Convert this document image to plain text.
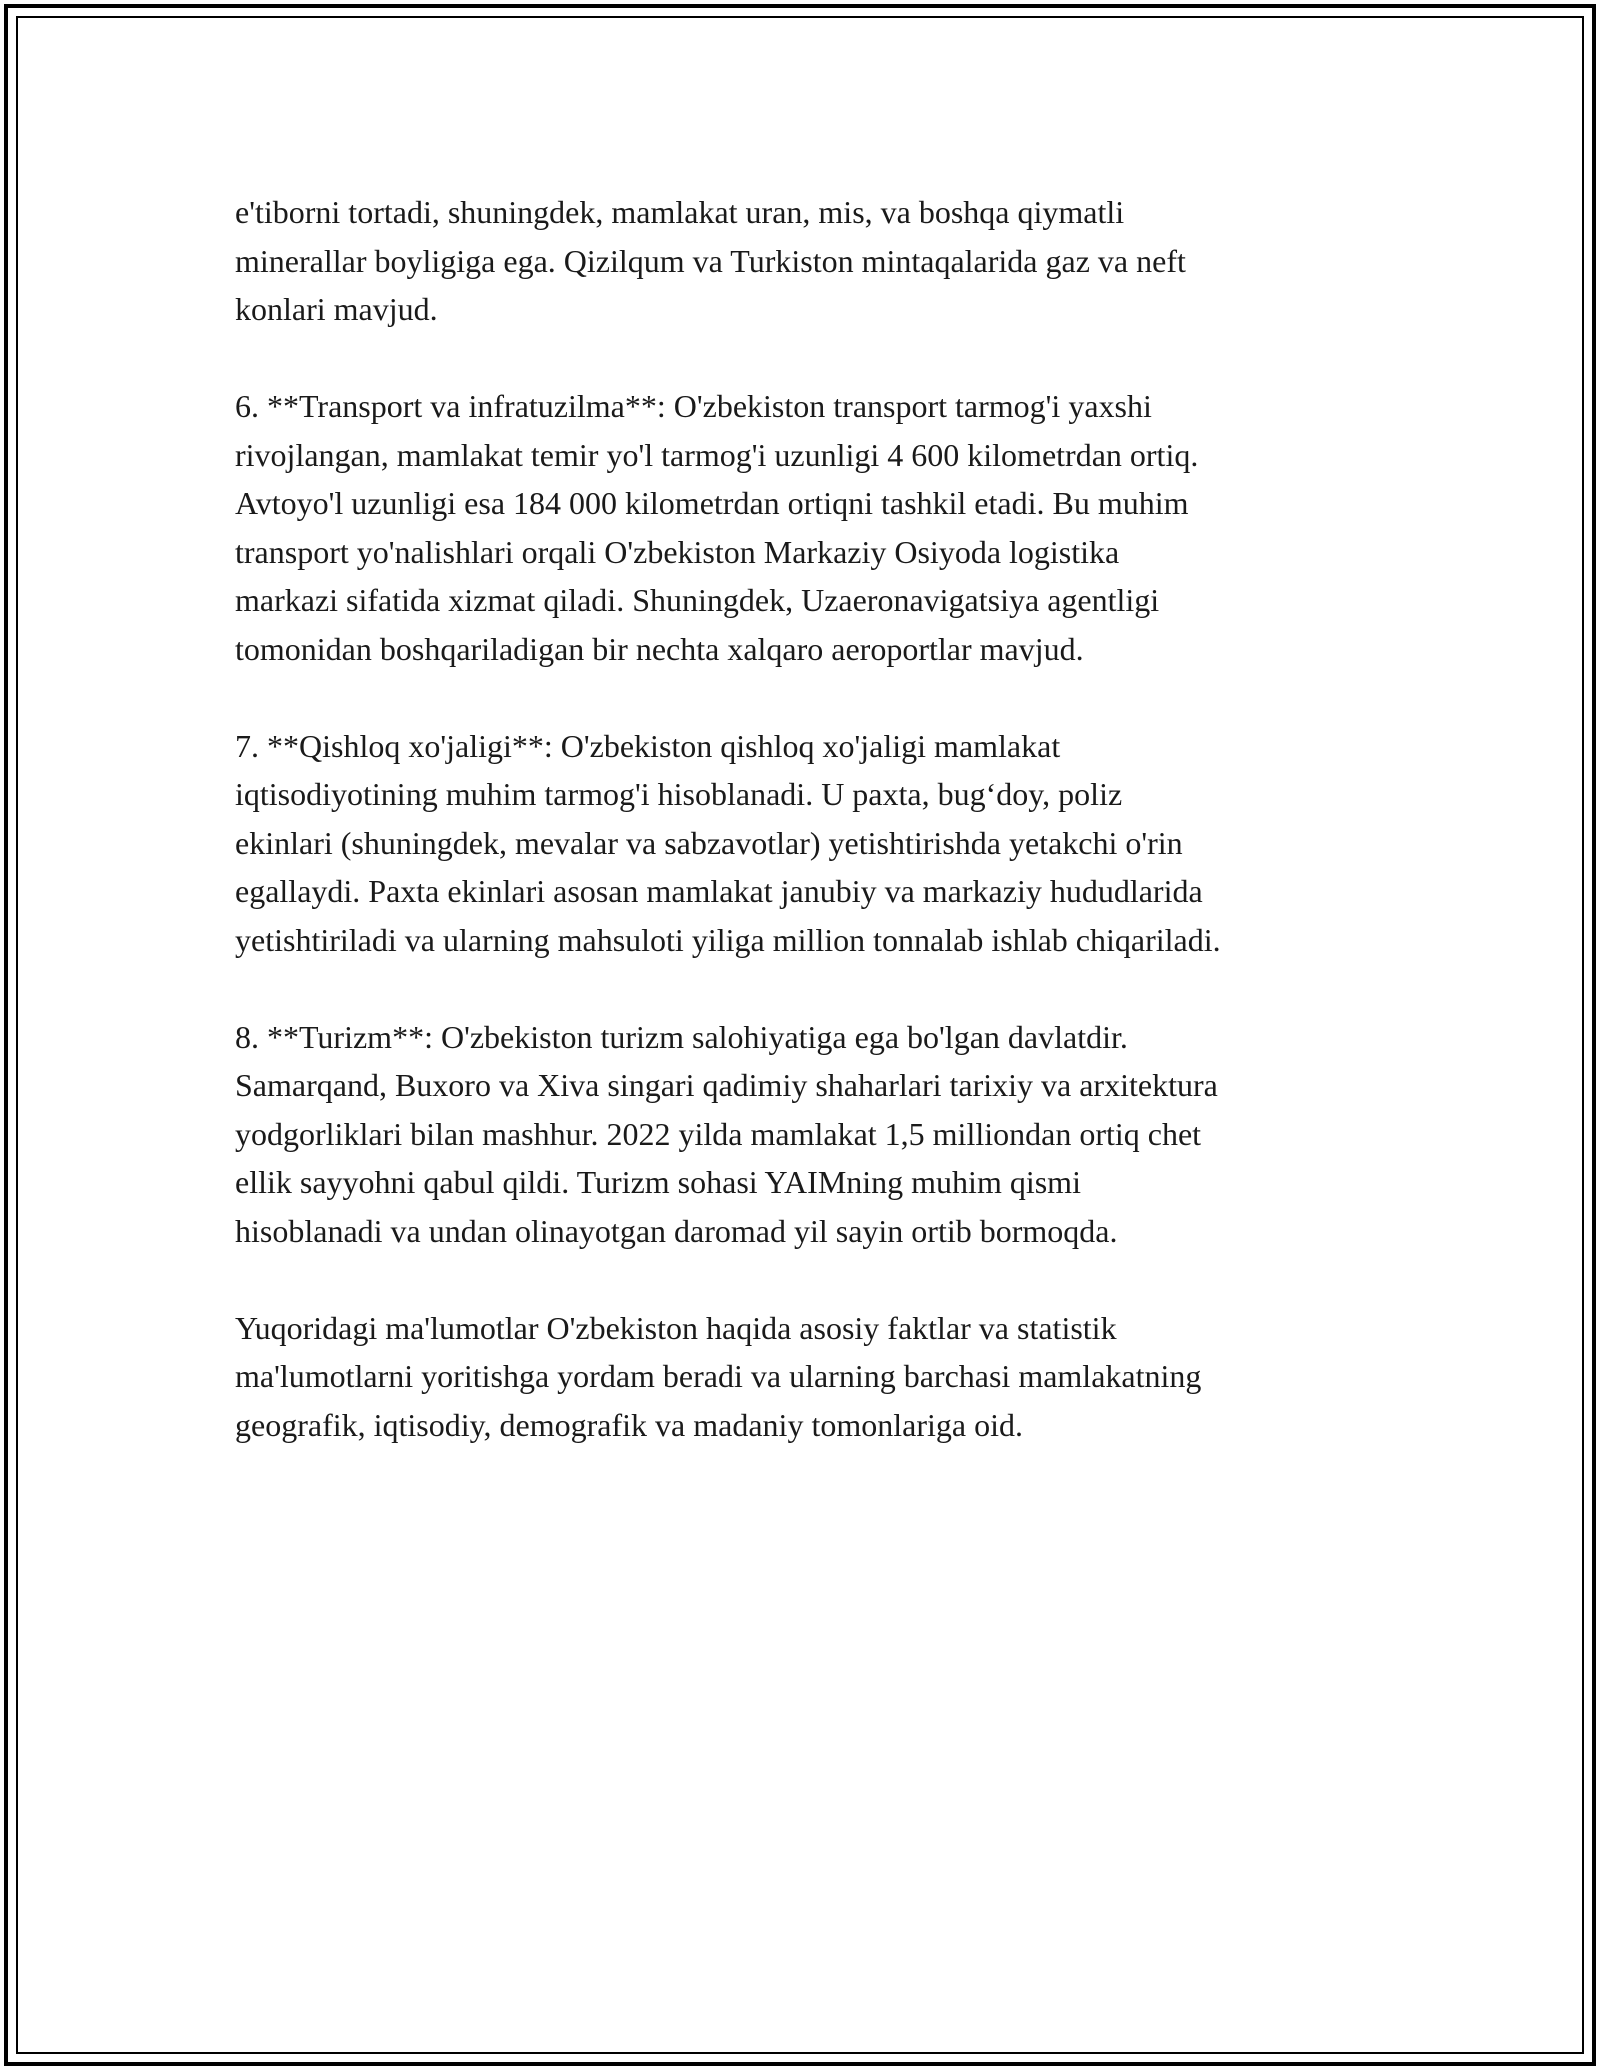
e'tiborni tortadi, shuningdek, mamlakat uran, mis, va boshqa qiymatli
minerallar boyligiga ega. Qizilqum va Turkiston mintaqalarida gaz va neft
konlari mavjud.

6. **Transport va infratuzilma**: O'zbekiston transport tarmog'i yaxshi
rivojlangan, mamlakat temir yo'l tarmog'i uzunligi 4 600 kilometrdan ortiq.
Avtoyo'l uzunligi esa 184 000 kilometrdan ortiqni tashkil etadi. Bu muhim
transport yo'nalishlari orqali O'zbekiston Markaziy Osiyoda logistika
markazi sifatida xizmat qiladi. Shuningdek, Uzaeronavigatsiya agentligi
tomonidan boshqariladigan bir nechta xalqaro aeroportlar mavjud.

7. **Qishloq xo'jaligi**: O'zbekiston qishloq xo'jaligi mamlakat
iqtisodiyotining muhim tarmog'i hisoblanadi. U paxta, bug‘doy, poliz
ekinlari (shuningdek, mevalar va sabzavotlar) yetishtirishda yetakchi o'rin
egallaydi. Paxta ekinlari asosan mamlakat janubiy va markaziy hududlarida
yetishtiriladi va ularning mahsuloti yiliga million tonnalab ishlab chiqariladi.

8. **Turizm**: O'zbekiston turizm salohiyatiga ega bo'lgan davlatdir.
Samarqand, Buxoro va Xiva singari qadimiy shaharlari tarixiy va arxitektura
yodgorliklari bilan mashhur. 2022 yilda mamlakat 1,5 milliondan ortiq chet
ellik sayyohni qabul qildi. Turizm sohasi YAIMning muhim qismi
hisoblanadi va undan olinayotgan daromad yil sayin ortib bormoqda.

Yuqoridagi ma'lumotlar O'zbekiston haqida asosiy faktlar va statistik
ma'lumotlarni yoritishga yordam beradi va ularning barchasi mamlakatning
geografik, iqtisodiy, demografik va madaniy tomonlariga oid.
